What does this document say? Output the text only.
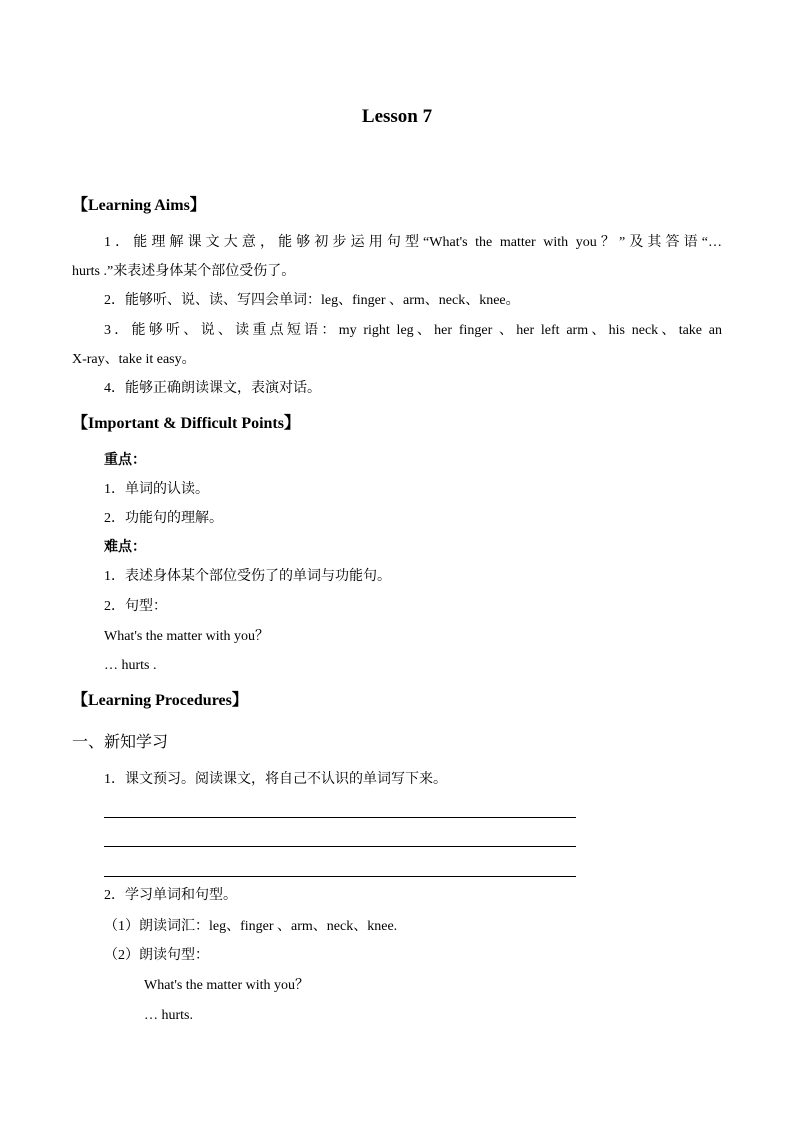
Lesson 7
【Learning Aims】
1．能理解课文大意，能够初步运用句型“What's the matter with you？”及其答语“…
hurts .”来表述身体某个部位受伤了。
2．能够听、说、读、写四会单词：leg、finger 、arm、neck、knee。
3．能够听、说、读重点短语：my right leg、her finger 、her left arm、his neck、take an
X-ray、take it easy。
4．能够正确朗读课文，表演对话。
【Important & Difficult Points】
重点：
1．单词的认读。
2．功能句的理解。
难点：
1．表述身体某个部位受伤了的单词与功能句。
2．句型：
What's the matter with you？
… hurts .
【Learning Procedures】
一、新知学习
1．课文预习。阅读课文，将自己不认识的单词写下来。
2．学习单词和句型。
（1）朗读词汇：leg、finger 、arm、neck、knee.
（2）朗读句型：
What's the matter with you？
… hurts.
